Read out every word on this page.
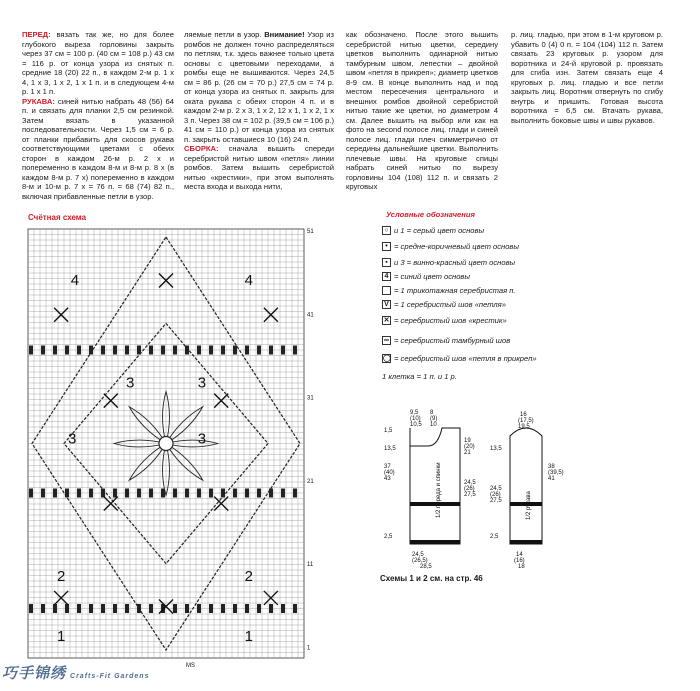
ПЕРЕД: вязать так же, но для более глубокого выреза горловины закрыть через 37 см = 100 р. (40 см = 108 р.) 43 см = 116 р. от конца узора из снятых п. средние 18 (20) 22 п., в каждом 2-м р. 1 х 4, 1 х 3, 1 х 2, 1 х 1 п. и в следующем 4-м р. 1 х 1 п.

РУКАВА: синей нитью набрать 48 (56) 64 п. и связать для планки 2,5 см резинкой. Затем вязать в указанной последовательности. Через 1,5 см = 6 р. от планки прибавить для скосов рукава соответствующими цветами с обеих сторон в каждом 26-м р. 2 х и попеременно в каждом 8-м и 8-м р. 8 х (в каждом 8-м р. 7 х) попеременно в каждом 8-м и 10-м р. 7 х = 76 п. = 68 (74) 82 п., включая прибавленные петли в узор.

ляемые петли в узор. Внимание! Узор из ромбов не должен точно распределяться по петлям, т.к. здесь важнее только цвета основы с цветовыми переходами, а ромбы еще не вышиваются. Через 24,5 см = 86 р. (26 см = 70 р.) 27,5 см = 74 р. от конца узора из снятых п. закрыть для оката рукава с обеих сторон 4 п. и в каждом 2-м р. 2 х 3, 1 х 2, 12 х 1, 1 х 2, 1 х 3 п. Через 38 см = 102 р. (39,5 см = 106 р.) 41 см = 110 р.) от конца узора из снятых п. закрыть оставшиеся 10 (16) 24 п.

СБОРКА: сначала вышить спереди серебристой нитью швом «петля» линии ромбов. Затем вышить серебристой нитью «крестики», при этом выполнять места входа и выхода нити,

как обозначено. После этого вышить серебристой нитью цветки, середину цветков выполнить одинарной нитью тамбурным швом, лепестки – двойной швом «петля в прикреп»; диаметр цветков 8-9 см. В конце выполнить над и под местом пересечения центрального и внешних ромбов двойной серебристой нитью такие же цветки, но диаметром 4 см. Далее вышить на выбор или как на фото на second полосе лиц. глади и синей полосе лиц. глади плеч симметрично от середины дальнейшие цветки. Выполнить плечевые швы. На круговые спицы набрать синей нитью по вырезу горловины 104 (108) 112 п. и связать 2 круговых

р. лиц. гладью, при этом в 1-м круговом р. убавить 0 (4) 0 п. = 104 (104) 112 п. Затем связать 23 круговых р. узором для воротника и 24-й круговой р. провязать для сгиба изн. Затем связать еще 4 круговых р. лиц. гладью и все петли закрыть лиц. Воротник отвернуть по сгибу внутрь и пришить. Готовая высота воротника = 6,5 см. Втачать рукава, выполнить боковые швы и швы рукавов.

Счётная схема
4	4
3	3
3	3
2	2
1	1
51
41
31
21
11
1
MS
Условные обозначения
○ и 1 = серый цвет основы
• = средне-коричневый цвет основы
▪ и 3 = винно-красный цвет основы
4 = синий цвет основы
= 1 трикотажная серебристая п.
V = 1 серебристый шов «петля»
✕ = серебристый шов «крестик»
∞ = серебристый тамбурный шов
◯ = серебристый шов «петля в прикреп»
1 клетка = 1 п. и 1 р.
9,5
(10)
10,5
8
(9)
10
1,5
13,5
19
(20)
21
37
(40)
43
24,5
(26)
27,5
2,5
24,5
(26,5)
28,5
1/2 переда и спинки
16
(17,5)
19,5
13,5
38
(39,5)
41
24,5
(26)
27,5
2,5
14
(16)
18
1/2 рукава
Схемы 1 и 2 см. на стр. 46
巧手锦绣 Crafts-Fit Gardens
